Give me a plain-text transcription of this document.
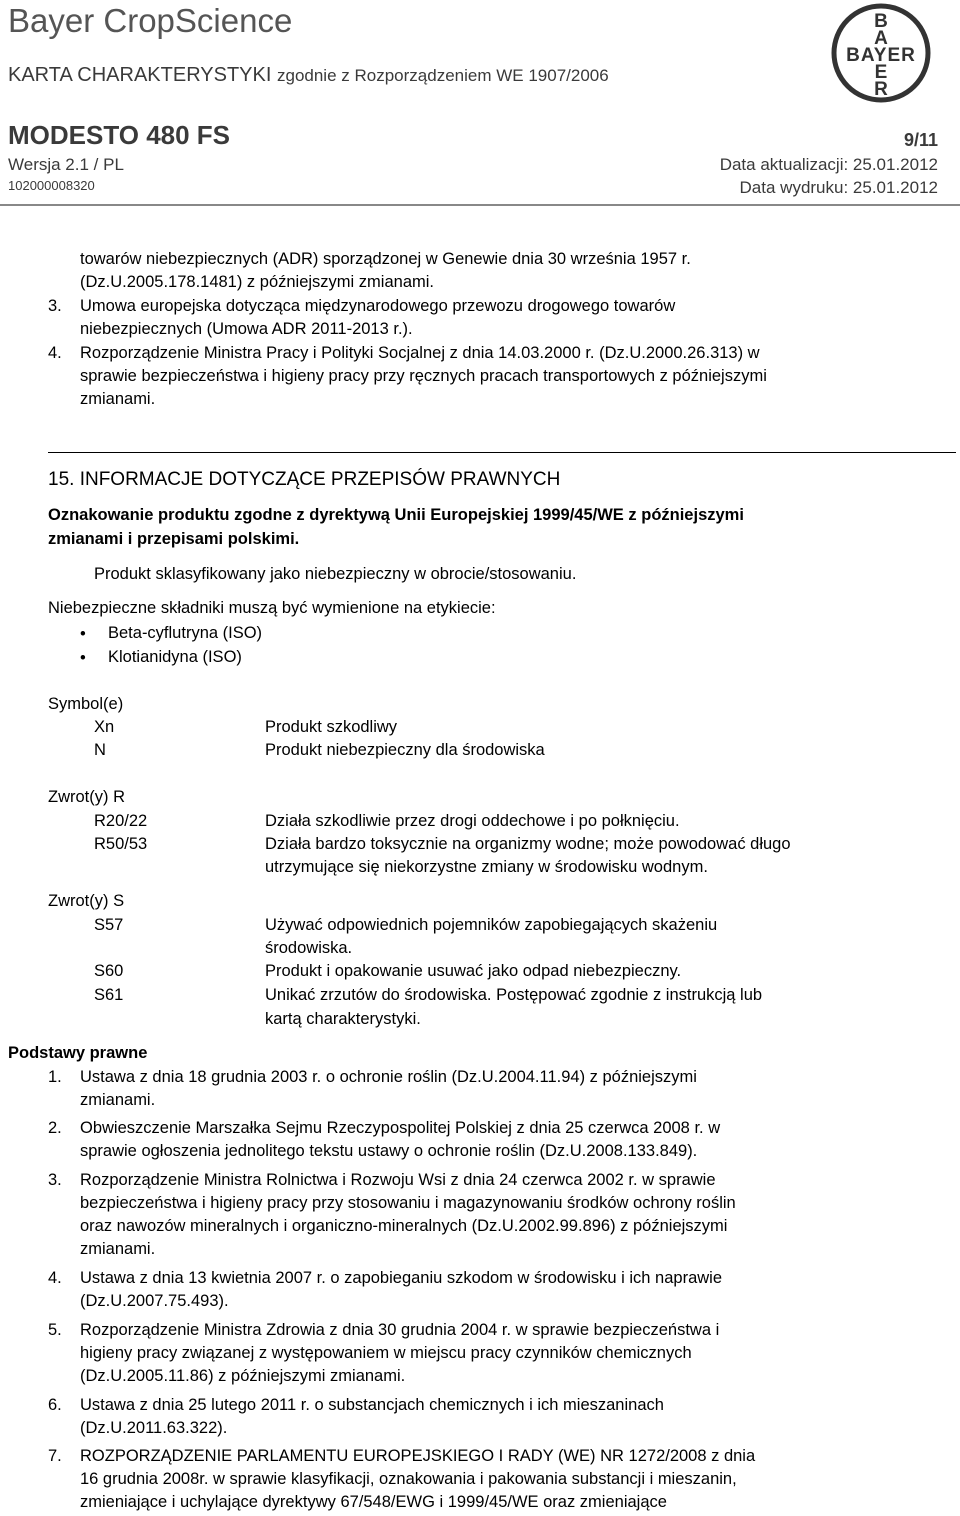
Bayer CropScience
KARTA CHARAKTERYSTYKI zgodnie z Rozporządzeniem WE 1907/2006
MODESTO 480 FS	9/11
Wersja 2.1 / PL	Data aktualizacji: 25.01.2012
102000008320	Data wydruku: 25.01.2012
B
A
BAYER
E
R
towarów niebezpiecznych (ADR) sporządzonej w Genewie dnia 30 września 1957 r.
(Dz.U.2005.178.1481) z późniejszymi zmianami.
3. Umowa europejska dotycząca międzynarodowego przewozu drogowego towarów
niebezpiecznych (Umowa ADR 2011-2013 r.).
4. Rozporządzenie Ministra Pracy i Polityki Socjalnej z dnia 14.03.2000 r. (Dz.U.2000.26.313) w
sprawie bezpieczeństwa i higieny pracy przy ręcznych pracach transportowych z późniejszymi
zmianami.
15. INFORMACJE DOTYCZĄCE PRZEPISÓW PRAWNYCH
Oznakowanie produktu zgodne z dyrektywą Unii Europejskiej 1999/45/WE z późniejszymi
zmianami i przepisami polskimi.
Produkt sklasyfikowany jako niebezpieczny w obrocie/stosowaniu.
Niebezpieczne składniki muszą być wymienione na etykiecie:
• Beta-cyflutryna (ISO)
• Klotianidyna (ISO)
Symbol(e)
Xn	Produkt szkodliwy
N	Produkt niebezpieczny dla środowiska
Zwrot(y) R
R20/22	Działa szkodliwie przez drogi oddechowe i po połknięciu.
R50/53	Działa bardzo toksycznie na organizmy wodne; może powodować długo
utrzymujące się niekorzystne zmiany w środowisku wodnym.
Zwrot(y) S
S57	Używać odpowiednich pojemników zapobiegających skażeniu
środowiska.
S60	Produkt i opakowanie usuwać jako odpad niebezpieczny.
S61	Unikać zrzutów do środowiska. Postępować zgodnie z instrukcją lub
kartą charakterystyki.
Podstawy prawne
1. Ustawa z dnia 18 grudnia 2003 r. o ochronie roślin (Dz.U.2004.11.94) z późniejszymi
zmianami.
2. Obwieszczenie Marszałka Sejmu Rzeczypospolitej Polskiej z dnia 25 czerwca 2008 r. w
sprawie ogłoszenia jednolitego tekstu ustawy o ochronie roślin (Dz.U.2008.133.849).
3. Rozporządzenie Ministra Rolnictwa i Rozwoju Wsi z dnia 24 czerwca 2002 r. w sprawie
bezpieczeństwa i higieny pracy przy stosowaniu i magazynowaniu środków ochrony roślin
oraz nawozów mineralnych i organiczno-mineralnych (Dz.U.2002.99.896) z późniejszymi
zmianami.
4. Ustawa z dnia 13 kwietnia 2007 r. o zapobieganiu szkodom w środowisku i ich naprawie
(Dz.U.2007.75.493).
5. Rozporządzenie Ministra Zdrowia z dnia 30 grudnia 2004 r. w sprawie bezpieczeństwa i
higieny pracy związanej z występowaniem w miejscu pracy czynników chemicznych
(Dz.U.2005.11.86) z późniejszymi zmianami.
6. Ustawa z dnia 25 lutego 2011 r. o substancjach chemicznych i ich mieszaninach
(Dz.U.2011.63.322).
7. ROZPORZĄDZENIE PARLAMENTU EUROPEJSKIEGO I RADY (WE) NR 1272/2008 z dnia
16 grudnia 2008r. w sprawie klasyfikacji, oznakowania i pakowania substancji i mieszanin,
zmieniające i uchylające dyrektywy 67/548/EWG i 1999/45/WE oraz zmieniające
